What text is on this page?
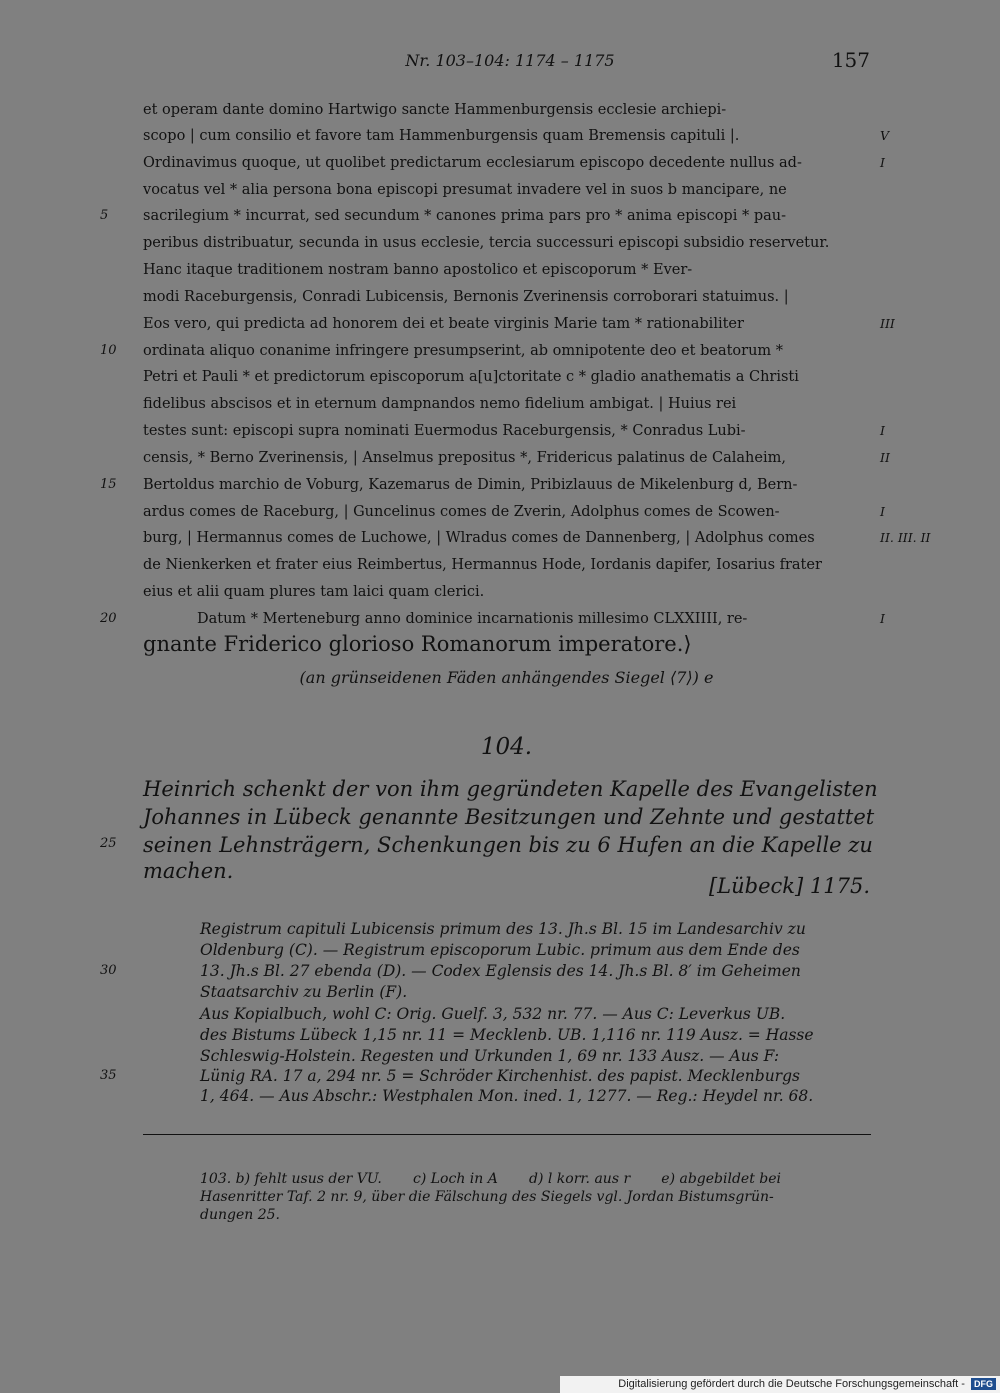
Nr. 103–104: 1174 – 1175	157
et operam dante domino Hartwigo sancte Hammenburgensis ecclesie archiepi-
scopo | cum consilio et favore tam Hammenburgensis quam Bremensis capituli |.
Ordinavimus quoque, ut quolibet predictarum ecclesiarum episcopo decedente nullus ad-
vocatus vel * alia persona bona episcopi presumat invadere vel in suos b mancipare, ne
sacrilegium * incurrat, sed secundum * canones prima pars pro * anima episcopi * pau-
peribus distribuatur, secunda in usus ecclesie, tercia successuri episcopi subsidio reservetur.
Hanc itaque traditionem nostram banno apostolico et episcoporum * Ever-
modi Raceburgensis, Conradi Lubicensis, Bernonis Zverinensis corroborari statuimus. |
Eos vero, qui predicta ad honorem dei et beate virginis Marie tam * rationabiliter
ordinata aliquo conanime infringere presumpserint, ab omnipotente deo et beatorum *
Petri et Pauli * et predictorum episcoporum a[u]ctoritate c * gladio anathematis a Christi
fidelibus abscisos et in eternum dampnandos nemo fidelium ambigat. | Huius rei
testes sunt: episcopi supra nominati Euermodus Raceburgensis, * Conradus Lubi-
censis, * Berno Zverinensis, | Anselmus prepositus *, Fridericus palatinus de Calaheim,
Bertoldus marchio de Voburg, Kazemarus de Dimin, Pribizlauus de Mikelenburg d, Bern-
ardus comes de Raceburg, | Guncelinus comes de Zverin, Adolphus comes de Scowen-
burg, | Hermannus comes de Luchowe, | Wlradus comes de Dannenberg, | Adolphus comes
de Nienkerken et frater eius Reimbertus, Hermannus Hode, Iordanis dapifer, Iosarius frater
eius et alii quam plures tam laici quam clerici.
Datum * Merteneburg anno dominice incarnationis millesimo CLXXIIII, re-
gnante Friderico glorioso Romanorum imperatore.⟩
5
10
15
20
25
30
35
V
I
III
I
II
I
II. III. II
I
(an grünseidenen Fäden anhängendes Siegel ⟨7⟩) e
104.
Heinrich schenkt der von ihm gegründeten Kapelle des Evangelisten
Johannes in Lübeck genannte Besitzungen und Zehnte und gestattet
seinen Lehnsträgern, Schenkungen bis zu 6 Hufen an die Kapelle zu
machen.
[Lübeck] 1175.
Registrum capituli Lubicensis primum des 13. Jh.s Bl. 15 im Landesarchiv zu
Oldenburg (C). — Registrum episcoporum Lubic. primum aus dem Ende des
13. Jh.s Bl. 27 ebenda (D). — Codex Eglensis des 14. Jh.s Bl. 8′ im Geheimen
Staatsarchiv zu Berlin (F).
Aus Kopialbuch, wohl C: Orig. Guelf. 3, 532 nr. 77. — Aus C: Leverkus UB.
des Bistums Lübeck 1,15 nr. 11 = Mecklenb. UB. 1,116 nr. 119 Ausz. = Hasse
Schleswig-Holstein. Regesten und Urkunden 1, 69 nr. 133 Ausz. — Aus F:
Lünig RA. 17 a, 294 nr. 5 = Schröder Kirchenhist. des papist. Mecklenburgs
1, 464. — Aus Abschr.: Westphalen Mon. ined. 1, 1277. — Reg.: Heydel nr. 68.
103. b) fehlt usus der VU.       c) Loch in A       d) l korr. aus r       e) abgebildet bei
Hasenritter Taf. 2 nr. 9, über die Fälschung des Siegels vgl. Jordan Bistumsgrün-
dungen 25.
Digitalisierung gefördert durch die Deutsche Forschungsgemeinschaft - DFG
